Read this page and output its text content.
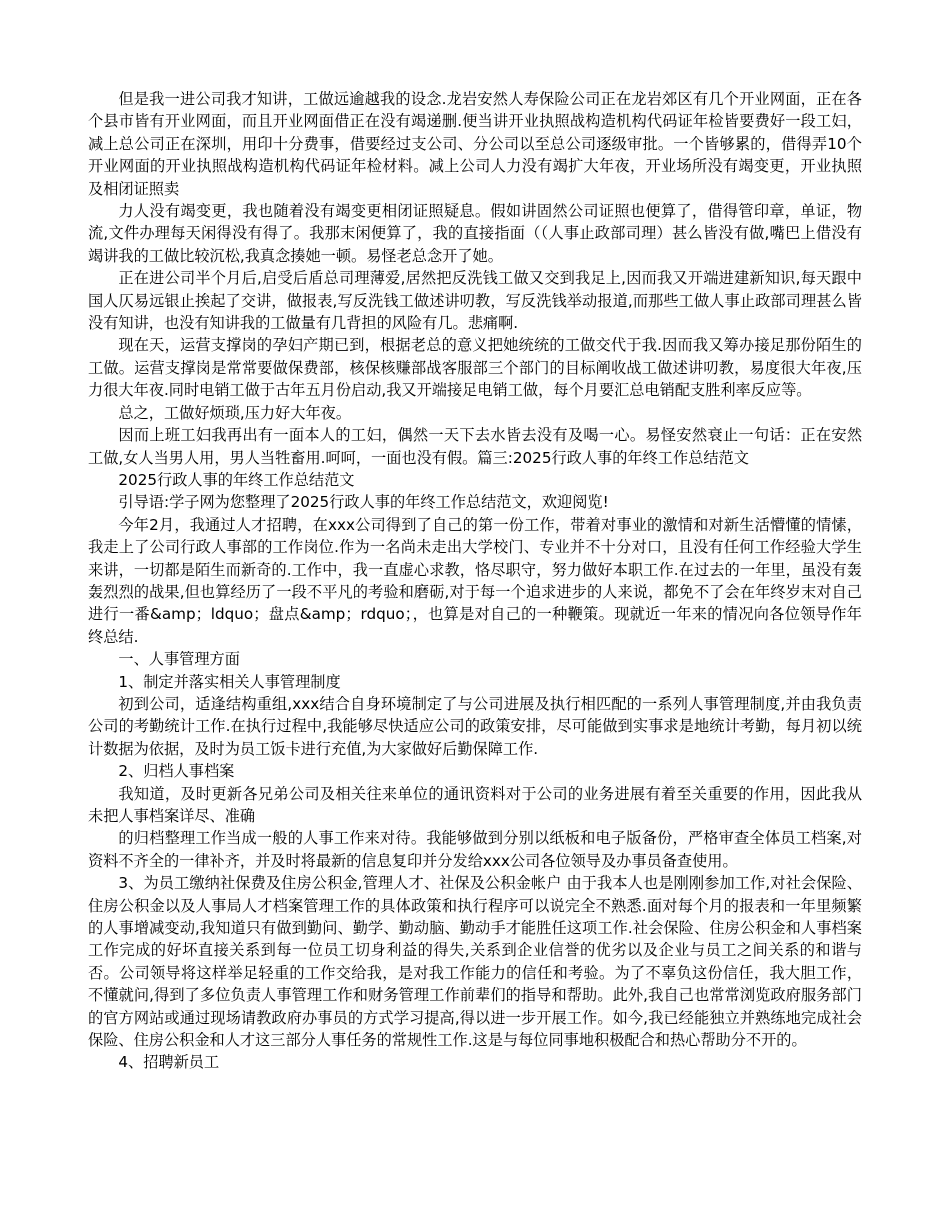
但是我一进公司我才知讲，工做远逾越我的设念.龙岩安然人寿保险公司正在龙岩郊区有几个开业网面，正在各个县市皆有开业网面，而且开业网面借正在没有竭递删.便当讲开业执照战构造机构代码证年检皆要费好一段工妇，减上总公司正在深圳，用印十分费事，借要经过支公司、分公司以至总公司逐级审批。一个皆够累的，借得弄10个开业网面的开业执照战构造机构代码证年检材料。减上公司人力没有竭扩大年夜，开业场所没有竭变更，开业执照及相闭证照卖

力人没有竭变更，我也随着没有竭变更相闭证照疑息。假如讲固然公司证照也便算了，借得管印章，单证，物流,文件办理每天闲得没有得了。我那末闲便算了，我的直接指面（（人事止政部司理）甚么皆没有做,嘴巴上借没有竭讲我的工做比较沉松,我真念揍她一顿。易怪老总念开了她。

正在进公司半个月后,启受后盾总司理薄爱,居然把反洗钱工做又交到我足上,因而我又开端进建新知识,每天跟中国人仄易远银止挨起了交讲，做报表,写反洗钱工做述讲叨教，写反洗钱举动报道,而那些工做人事止政部司理甚么皆没有知讲，也没有知讲我的工做量有几背担的风险有几。悲痛啊.

现在天，运营支撑岗的孕妇产期已到，根据老总的意义把她统统的工做交代于我.因而我又筹办接足那份陌生的工做。运营支撑岗是常常要做保费部，核保核赚部战客服部三个部门的目标阐收战工做述讲叨教，易度很大年夜,压力很大年夜.同时电销工做于古年五月份启动,我又开端接足电销工做，每个月要汇总电销配支胜利率反应等。

总之，工做好烦琐,压力好大年夜。

因而上班工妇我再出有一面本人的工妇，偶然一天下去水皆去没有及喝一心。易怪安然衰止一句话：正在安然工做,女人当男人用，男人当牲畜用.呵呵，一面也没有假。篇三:2025行政人事的年终工作总结范文

2025行政人事的年终工作总结范文

引导语:学子网为您整理了2025行政人事的年终工作总结范文，欢迎阅览!

今年2月，我通过人才招聘，在xxx公司得到了自己的第一份工作，带着对事业的激情和对新生活懵懂的情愫，我走上了公司行政人事部的工作岗位.作为一名尚未走出大学校门、专业并不十分对口，且没有任何工作经验大学生来讲，一切都是陌生而新奇的.工作中，我一直虚心求教，恪尽职守，努力做好本职工作.在过去的一年里，虽没有轰轰烈烈的战果,但也算经历了一段不平凡的考验和磨砺,对于每一个追求进步的人来说，都免不了会在年终岁末对自己进行一番&amp；ldquo；盘点&amp；rdquo；，也算是对自己的一种鞭策。现就近一年来的情况向各位领导作年终总结.

一、人事管理方面

1、制定并落实相关人事管理制度

初到公司，适逢结构重组,xxx结合自身环境制定了与公司进展及执行相匹配的一系列人事管理制度,并由我负责公司的考勤统计工作.在执行过程中,我能够尽快适应公司的政策安排，尽可能做到实事求是地统计考勤，每月初以统计数据为依据，及时为员工饭卡进行充值,为大家做好后勤保障工作.

2、归档人事档案

我知道，及时更新各兄弟公司及相关往来单位的通讯资料对于公司的业务进展有着至关重要的作用，因此我从未把人事档案详尽、准确

的归档整理工作当成一般的人事工作来对待。我能够做到分别以纸板和电子版备份，严格审查全体员工档案,对资料不齐全的一律补齐，并及时将最新的信息复印并分发给xxx公司各位领导及办事员备查使用。

3、为员工缴纳社保费及住房公积金,管理人才、社保及公积金帐户 由于我本人也是刚刚参加工作,对社会保险、住房公积金以及人事局人才档案管理工作的具体政策和执行程序可以说完全不熟悉.面对每个月的报表和一年里频繁的人事增减变动,我知道只有做到勤问、勤学、勤动脑、勤动手才能胜任这项工作.社会保险、住房公积金和人事档案工作完成的好坏直接关系到每一位员工切身利益的得失,关系到企业信誉的优劣以及企业与员工之间关系的和谐与否。公司领导将这样举足轻重的工作交给我，是对我工作能力的信任和考验。为了不辜负这份信任，我大胆工作，不懂就问,得到了多位负责人事管理工作和财务管理工作前辈们的指导和帮助。此外,我自己也常常浏览政府服务部门的官方网站或通过现场请教政府办事员的方式学习提高,得以进一步开展工作。如今,我已经能独立并熟练地完成社会保险、住房公积金和人才这三部分人事任务的常规性工作.这是与每位同事地积极配合和热心帮助分不开的。

4、招聘新员工
